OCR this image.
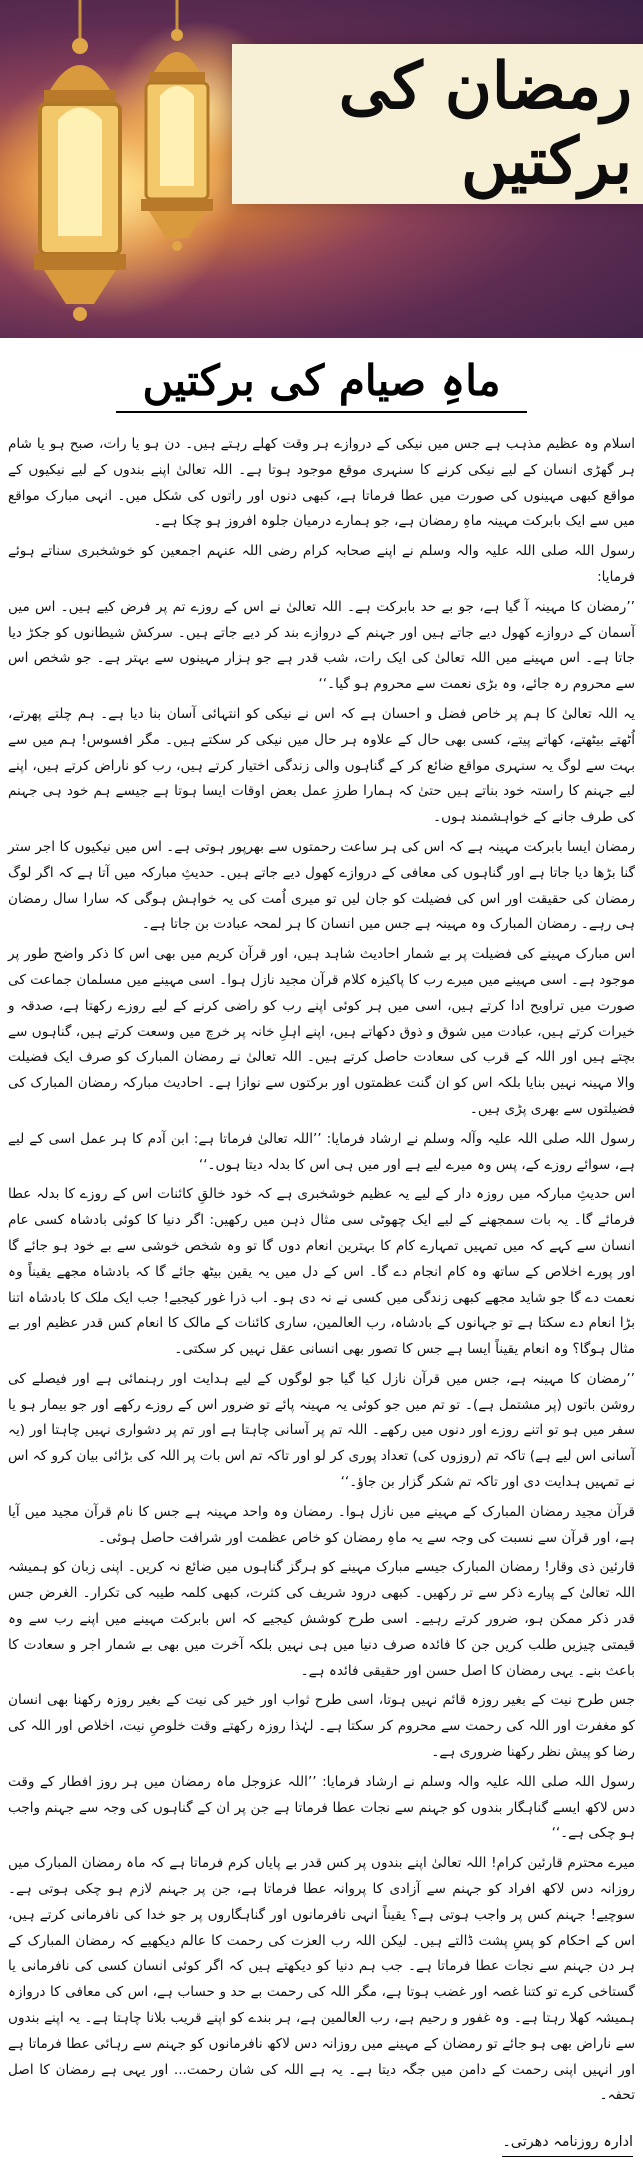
رمضان کی برکتیں
ماہِ صیام کی برکتیں

اسلام وہ عظیم مذہب ہے جس میں نیکی کے دروازے ہر وقت کھلے رہتے ہیں۔ دن ہو یا رات، صبح ہو یا شام ہر گھڑی انسان کے لیے نیکی کرنے کا سنہری موقع موجود ہوتا ہے۔ اللہ تعالیٰ اپنے بندوں کے لیے نیکیوں کے مواقع کبھی مہینوں کی صورت میں عطا فرماتا ہے، کبھی دنوں اور راتوں کی شکل میں۔ انہی مبارک مواقع میں سے ایک بابرکت مہینہ ماہِ رمضان ہے، جو ہمارے درمیان جلوہ افروز ہو چکا ہے۔

رسول اللہ صلی اللہ علیہ والہ وسلم نے اپنے صحابہ کرام رضی اللہ عنہم اجمعین کو خوشخبری سناتے ہوئے فرمایا:

’’رمضان کا مہینہ آ گیا ہے، جو بے حد بابرکت ہے۔ اللہ تعالیٰ نے اس کے روزے تم پر فرض کیے ہیں۔ اس میں آسمان کے دروازے کھول دیے جاتے ہیں اور جہنم کے دروازے بند کر دیے جاتے ہیں۔ سرکش شیطانوں کو جکڑ دیا جاتا ہے۔ اس مہینے میں اللہ تعالیٰ کی ایک رات، شب قدر ہے جو ہزار مہینوں سے بہتر ہے۔ جو شخص اس سے محروم رہ جائے، وہ بڑی نعمت سے محروم ہو گیا۔‘‘

یہ اللہ تعالیٰ کا ہم پر خاص فضل و احسان ہے کہ اس نے نیکی کو انتہائی آسان بنا دیا ہے۔ ہم چلتے پھرتے، اُٹھتے بیٹھتے، کھاتے پیتے، کسی بھی حال کے علاوہ ہر حال میں نیکی کر سکتے ہیں۔ مگر افسوس! ہم میں سے بہت سے لوگ یہ سنہری مواقع ضائع کر کے گناہوں والی زندگی اختیار کرتے ہیں، رب کو ناراض کرتے ہیں، اپنے لیے جہنم کا راستہ خود بناتے ہیں حتیٰ کہ ہمارا طرزِ عمل بعض اوقات ایسا ہوتا ہے جیسے ہم خود ہی جہنم کی طرف جانے کے خواہشمند ہوں۔

رمضان ایسا بابرکت مہینہ ہے کہ اس کی ہر ساعت رحمتوں سے بھرپور ہوتی ہے۔ اس میں نیکیوں کا اجر ستر گنا بڑھا دیا جاتا ہے اور گناہوں کی معافی کے دروازے کھول دیے جاتے ہیں۔ حدیثِ مبارکہ میں آتا ہے کہ اگر لوگ رمضان کی حقیقت اور اس کی فضیلت کو جان لیں تو میری اُمت کی یہ خواہش ہوگی کہ سارا سال رمضان ہی رہے۔ رمضان المبارک وہ مہینہ ہے جس میں انسان کا ہر لمحہ عبادت بن جاتا ہے۔

اس مبارک مہینے کی فضیلت پر بے شمار احادیث شاہد ہیں، اور قرآن کریم میں بھی اس کا ذکر واضح طور پر موجود ہے۔ اسی مہینے میں میرے رب کا پاکیزہ کلام قرآن مجید نازل ہوا۔ اسی مہینے میں مسلمان جماعت کی صورت میں تراویح ادا کرتے ہیں، اسی میں ہر کوئی اپنے رب کو راضی کرنے کے لیے روزے رکھتا ہے، صدقہ و خیرات کرتے ہیں، عبادت میں شوق و ذوق دکھاتے ہیں، اپنے اہلِ خانہ پر خرچ میں وسعت کرتے ہیں، گناہوں سے بچتے ہیں اور اللہ کے قرب کی سعادت حاصل کرتے ہیں۔ اللہ تعالیٰ نے رمضان المبارک کو صرف ایک فضیلت والا مہینہ نہیں بنایا بلکہ اس کو ان گنت عظمتوں اور برکتوں سے نوازا ہے۔ احادیث مبارکہ رمضان المبارک کی فضیلتوں سے بھری پڑی ہیں۔

رسول اللہ صلی اللہ علیہ وآلہ وسلم نے ارشاد فرمایا: ’’اللہ تعالیٰ فرماتا ہے: ابن آدم کا ہر عمل اسی کے لیے ہے، سوائے روزے کے، پس وہ میرے لیے ہے اور میں ہی اس کا بدلہ دیتا ہوں۔‘‘

اس حدیثِ مبارکہ میں روزہ دار کے لیے یہ عظیم خوشخبری ہے کہ خود خالقِ کائنات اس کے روزے کا بدلہ عطا فرمائے گا۔ یہ بات سمجھنے کے لیے ایک چھوٹی سی مثال ذہن میں رکھیں: اگر دنیا کا کوئی بادشاہ کسی عام انسان سے کہے کہ میں تمہیں تمہارے کام کا بہترین انعام دوں گا تو وہ شخص خوشی سے بے خود ہو جائے گا اور پورے اخلاص کے ساتھ وہ کام انجام دے گا۔ اس کے دل میں یہ یقین بیٹھ جائے گا کہ بادشاہ مجھے یقیناً وہ نعمت دے گا جو شاید مجھے کبھی زندگی میں کسی نے نہ دی ہو۔ اب ذرا غور کیجیے! جب ایک ملک کا بادشاہ اتنا بڑا انعام دے سکتا ہے تو جہانوں کے بادشاہ، رب العالمین، ساری کائنات کے مالک کا انعام کس قدر عظیم اور بے مثال ہوگا؟ وہ انعام یقیناً ایسا ہے جس کا تصور بھی انسانی عقل نہیں کر سکتی۔

’’رمضان کا مہینہ ہے، جس میں قرآن نازل کیا گیا جو لوگوں کے لیے ہدایت اور رہنمائی ہے اور فیصلے کی روشن باتوں (پر مشتمل ہے)۔ تو تم میں جو کوئی یہ مہینہ پائے تو ضرور اس کے روزے رکھے اور جو بیمار ہو یا سفر میں ہو تو اتنے روزے اور دنوں میں رکھے۔ اللہ تم پر آسانی چاہتا ہے اور تم پر دشواری نہیں چاہتا اور (یہ آسانی اس لیے ہے) تاکہ تم (روزوں کی) تعداد پوری کر لو اور تاکہ تم اس بات پر اللہ کی بڑائی بیان کرو کہ اس نے تمہیں ہدایت دی اور تاکہ تم شکر گزار بن جاؤ۔‘‘

قرآن مجید رمضان المبارک کے مہینے میں نازل ہوا۔ رمضان وہ واحد مہینہ ہے جس کا نام قرآن مجید میں آیا ہے، اور قرآن سے نسبت کی وجہ سے یہ ماہِ رمضان کو خاص عظمت اور شرافت حاصل ہوئی۔

قارئین ذی وقار! رمضان المبارک جیسے مبارک مہینے کو ہرگز گناہوں میں ضائع نہ کریں۔ اپنی زبان کو ہمیشہ اللہ تعالیٰ کے پیارے ذکر سے تر رکھیں۔ کبھی درود شریف کی کثرت، کبھی کلمہ طیبہ کی تکرار۔ الغرض جس قدر ذکر ممکن ہو، ضرور کرتے رہیے۔ اسی طرح کوشش کیجیے کہ اس بابرکت مہینے میں اپنے رب سے وہ قیمتی چیزیں طلب کریں جن کا فائدہ صرف دنیا میں ہی نہیں بلکہ آخرت میں بھی بے شمار اجر و سعادت کا باعث بنے۔ یہی رمضان کا اصل حسن اور حقیقی فائدہ ہے۔

جس طرح نیت کے بغیر روزہ قائم نہیں ہوتا، اسی طرح ثواب اور خیر کی نیت کے بغیر روزہ رکھنا بھی انسان کو مغفرت اور اللہ کی رحمت سے محروم کر سکتا ہے۔ لہٰذا روزہ رکھتے وقت خلوصِ نیت، اخلاص اور اللہ کی رضا کو پیش نظر رکھنا ضروری ہے۔

رسول اللہ صلی اللہ علیہ والہ وسلم نے ارشاد فرمایا: ’’اللہ عزوجل ماہ رمضان میں ہر روز افطار کے وقت دس لاکھ ایسے گناہگار بندوں کو جہنم سے نجات عطا فرماتا ہے جن پر ان کے گناہوں کی وجہ سے جہنم واجب ہو چکی ہے۔‘‘

میرے محترم قارئین کرام! اللہ تعالیٰ اپنے بندوں پر کس قدر بے پایاں کرم فرماتا ہے کہ ماہ رمضان المبارک میں روزانہ دس لاکھ افراد کو جہنم سے آزادی کا پروانہ عطا فرماتا ہے، جن پر جہنم لازم ہو چکی ہوتی ہے۔ سوچیے! جہنم کس پر واجب ہوتی ہے؟ یقیناً انہی نافرمانوں اور گناہگاروں پر جو خدا کی نافرمانی کرتے ہیں، اس کے احکام کو پسِ پشت ڈالتے ہیں۔ لیکن اللہ رب العزت کی رحمت کا عالم دیکھیے کہ رمضان المبارک کے ہر دن جہنم سے نجات عطا فرماتا ہے۔ جب ہم دنیا کو دیکھتے ہیں کہ اگر کوئی انسان کسی کی نافرمانی یا گستاخی کرے تو کتنا غصہ اور غضب ہوتا ہے، مگر اللہ کی رحمت بے حد و حساب ہے، اس کی معافی کا دروازہ ہمیشہ کھلا رہتا ہے۔ وہ غفور و رحیم ہے، رب العالمین ہے، ہر بندے کو اپنے قریب بلانا چاہتا ہے۔ یہ اپنے بندوں سے ناراض بھی ہو جائے تو رمضان کے مہینے میں روزانہ دس لاکھ نافرمانوں کو جہنم سے رہائی عطا فرماتا ہے اور انہیں اپنی رحمت کے دامن میں جگہ دیتا ہے۔ یہ ہے اللہ کی شان رحمت... اور یہی ہے رمضان کا اصل تحفہ۔

ادارہ روزنامہ دھرتی۔
